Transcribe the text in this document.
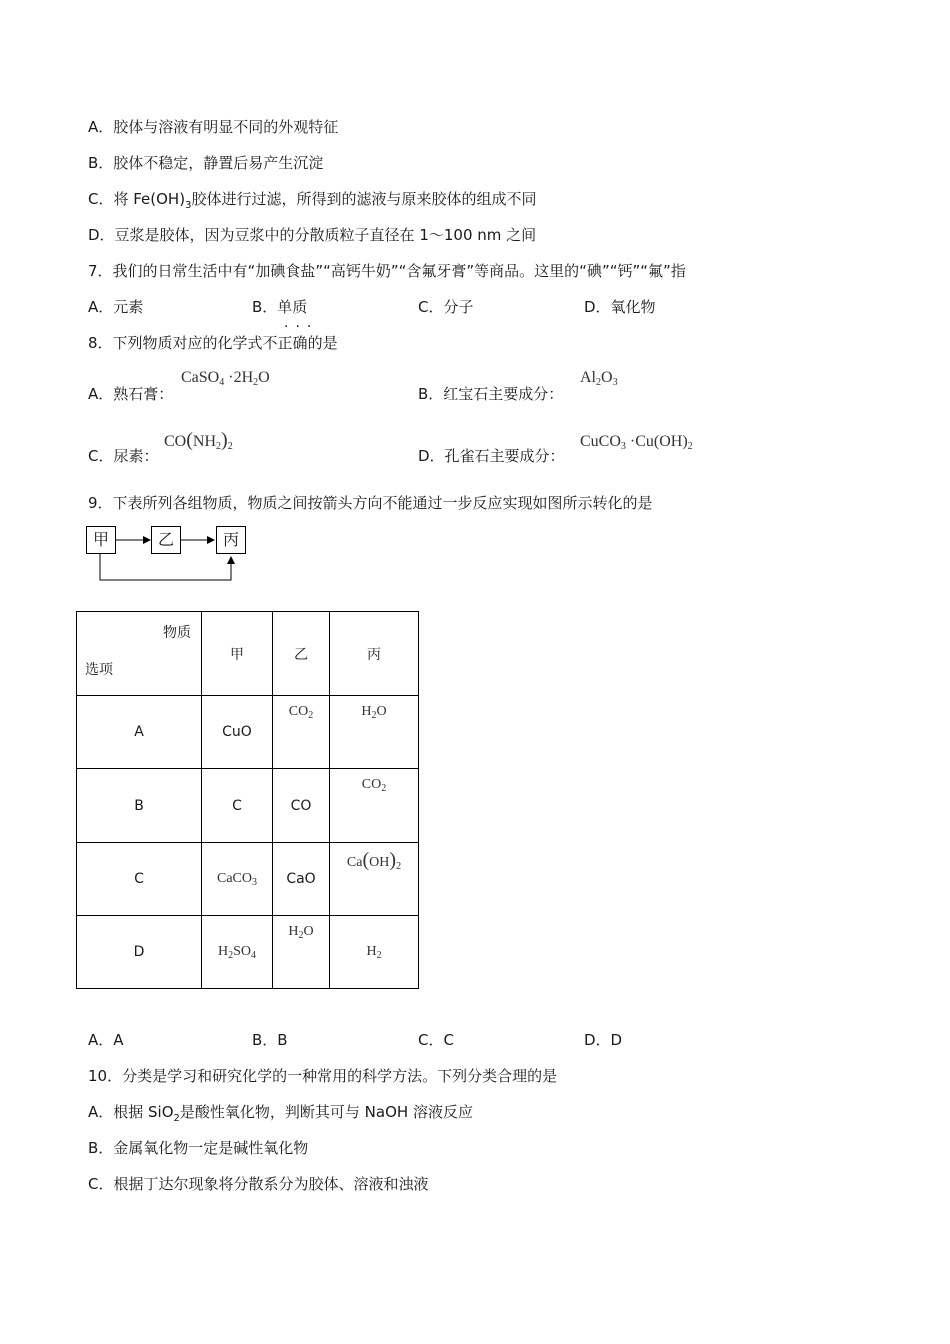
A．胶体与溶液有明显不同的外观特征
B．胶体不稳定，静置后易产生沉淀
C．将 $Fe(OH)_3$胶体进行过滤，所得到的滤液与原来胶体的组成不同
D．豆浆是胶体，因为豆浆中的分散质粒子直径在 1～100 nm 之间
7．我们的日常生活中有“加碘食盐”“高钙牛奶”“含氟牙膏”等商品。这里的“碘”“钙”“氟”指
A．元素	B．单质	C．分子	D．氧化物
···
8．下列物质对应的化学式不正确的是
A．熟石膏：
CaSO$_4$ $\cdot 2H_2O$
B．红宝石主要成分：
$Al_2O_3$
C．尿素：
$CO(NH_2)_2$
D．孔雀石主要成分：
CuCO$_3$ $\cdot Cu(OH)_2$
9．下表所列各组物质，物质之间按箭头方向不能通过一步反应实现如图所示转化的是
甲	乙	丙
物质
选项	甲	乙	丙
A	CuO	$CO_2$	$H_2O$
B	C	CO	$CO_2$
C	CaCO$_3$	CaO	$Ca(OH)_2$
D	$H_2SO_4$	$H_2O$	$H_2$
A．A	B．B	C．C	D．D
10．分类是学习和研究化学的一种常用的科学方法。下列分类合理的是
A．根据 SiO$_2$是酸性氧化物，判断其可与 NaOH 溶液反应
B．金属氧化物一定是碱性氧化物
C．根据丁达尔现象将分散系分为胶体、溶液和浊液
